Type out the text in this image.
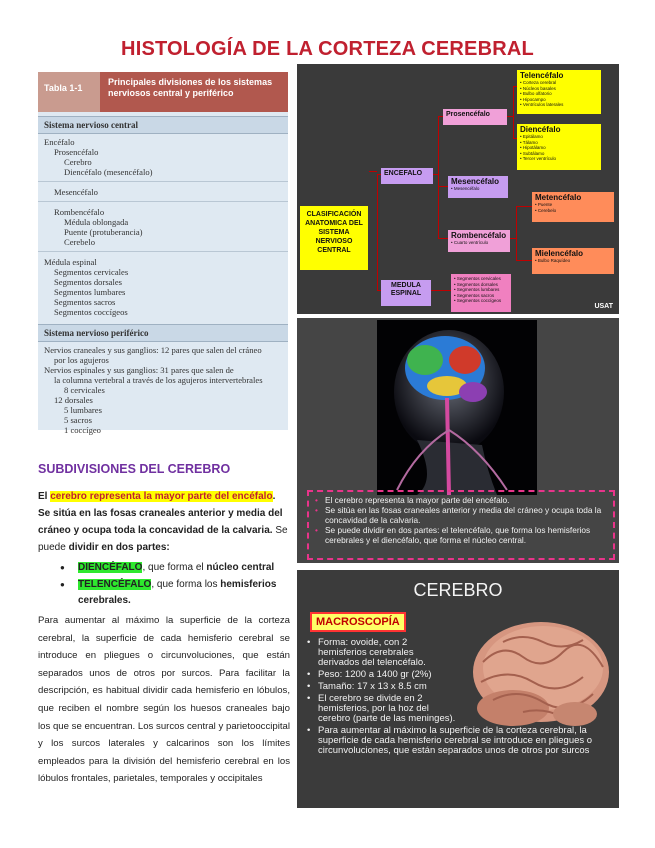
HISTOLOGÍA DE LA CORTEZA CEREBRAL
Tabla 1-1
Principales divisiones de los sistemas nerviosos central y periférico
Sistema nervioso central
Encéfalo
Prosencéfalo
Cerebro
Diencéfalo (mesencéfalo)
Mesencéfalo
Rombencéfalo
Médula oblongada
Puente (protuberancia)
Cerebelo
Médula espinal
Segmentos cervicales
Segmentos dorsales
Segmentos lumbares
Segmentos sacros
Segmentos coccígeos
Sistema nervioso periférico
Nervios craneales y sus ganglios: 12 pares que salen del cráneo
por los agujeros
Nervios espinales y sus ganglios: 31 pares que salen de
la columna vertebral a través de los agujeros intervertebrales
8 cervicales
12 dorsales
5 lumbares
5 sacros
1 coccígeo
SUBDIVISIONES DEL CEREBRO
El cerebro representa la mayor parte del encéfalo. Se sitúa en las fosas craneales anterior y media del cráneo y ocupa toda la concavidad de la calvaria. Se puede dividir en dos partes:
● DIENCÉFALO, que forma el núcleo central
● TELENCÉFALO, que forma los hemisferios cerebrales.
Para aumentar al máximo la superficie de la corteza cerebral, la superficie de cada hemisferio cerebral se introduce en pliegues o circunvoluciones, que están separados unos de otros por surcos. Para facilitar la descripción, es habitual dividir cada hemisferio en lóbulos, que reciben el nombre según los huesos craneales bajo los que se encuentran. Los surcos central y parietooccipital y los surcos laterales y calcarinos son los límites empleados para la división del hemisferio cerebral en los lóbulos frontales, parietales, temporales y occipitales
CLASIFICACIÓN ANATOMICA DEL SISTEMA NERVIOSO CENTRAL
ENCEFALO
MEDULA ESPINAL
Prosencéfalo
Mesencéfalo
• Mesencéfalo
Rombencéfalo
• Cuarto ventrículo
Telencéfalo
• Corteza cerebral
• Núcleos basales
• Bulbo olfatorio
• Hipocampo
• Ventrículos laterales
Diencéfalo
• Epitálamo
• Tálamo
• Hipotálamo
• Subtálamo
• Tercer ventrículo
Metencéfalo
• Puente
• Cerebelo
Mielencéfalo
• Bulbo Raquídeo
• Segmentos cervicales
• Segmentos dorsales
• Segmentos lumbares
• Segmentos sacros
• Segmentos coccígeos
USAT
• El cerebro representa la mayor parte del encéfalo.
• Se sitúa en las fosas craneales anterior y media del cráneo y ocupa toda la concavidad de la calvaria.
• Se puede dividir en dos partes: el telencéfalo, que forma los hemisferios cerebrales y el diencéfalo, que forma el núcleo central.
CEREBRO
MACROSCOPÍA
• Forma: ovoide, con 2 hemisferios cerebrales derivados del telencéfalo.
• Peso: 1200 a 1400 gr (2%)
• Tamaño: 17 x 13 x 8.5 cm
• El cerebro se divide en 2 hemisferios, por la hoz del cerebro (parte de las meninges).
• Para aumentar al máximo la superficie de la corteza cerebral, la superficie de cada hemisferio cerebral se introduce en pliegues o circunvoluciones, que están separados unos de otros por surcos
